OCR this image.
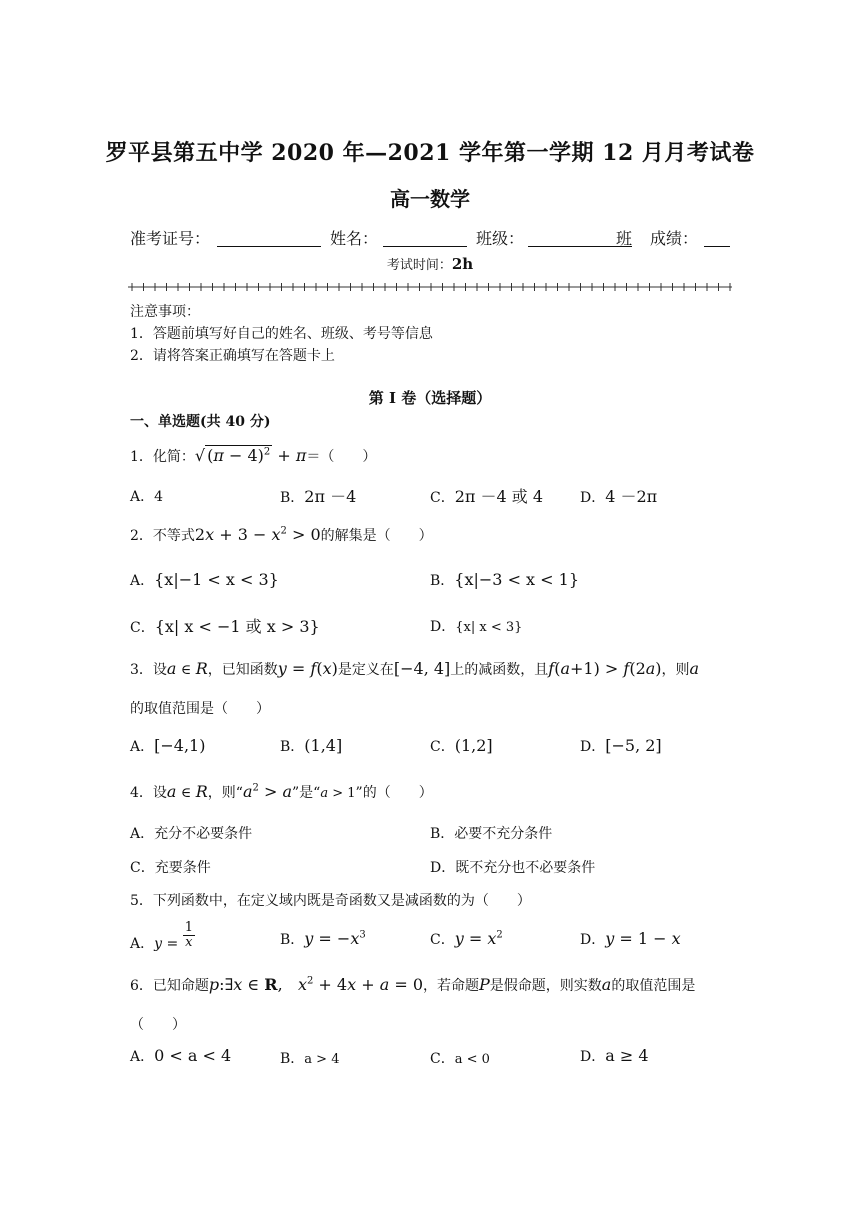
罗平县第五中学 2020 年—2021 学年第一学期 12 月月考试卷
高一数学
准考证号：	姓名：	班级：	班 成绩：
考试时间：2h
注意事项：
1．答题前填写好自己的姓名、班级、考号等信息
2．请将答案正确填写在答题卡上
第 I 卷（选择题）
一、单选题(共 40 分)
1．化简：√ $(\pi - 4)^2 + \pi=$（　　）
A．4	B．2π －4	C．2π －4 或 4	D．4 －2π
2．不等式$2x + 3 - x^2 > 0$的解集是（　　）
A．{x|−1 < x < 3}	B．{x|−3 < x < 1}
C．{x| x < −1 或 x > 3}	D．{x| x < 3}
3．设a ∈ R，已知函数y = f(x)是定义在[−4, 4]上的减函数，且f(a+1) > f(2a)，则a
的取值范围是（　　）
A．[−4,1)	B．(1,4]	C．(1,2]	D．[−5, 2]
4．设a ∈ R，则“$a^2 > a$”是“a > 1”的（　　）
A．充分不必要条件	B．必要不充分条件
C．充要条件	D．既不充分也不必要条件
5．下列函数中，在定义域内既是奇函数又是减函数的为（　　）
A．$y = \frac{1}{x}$	B．$y = -x^3$	C．$y = x^2$	D．y = 1 − x
6．已知命题p:∃x ∈ R,   $x^2 + 4x + a = 0$，若命题P是假命题，则实数a的取值范围是
（　　）
A．0 < a < 4	B．a > 4	C．a < 0	D．a ≥ 4
